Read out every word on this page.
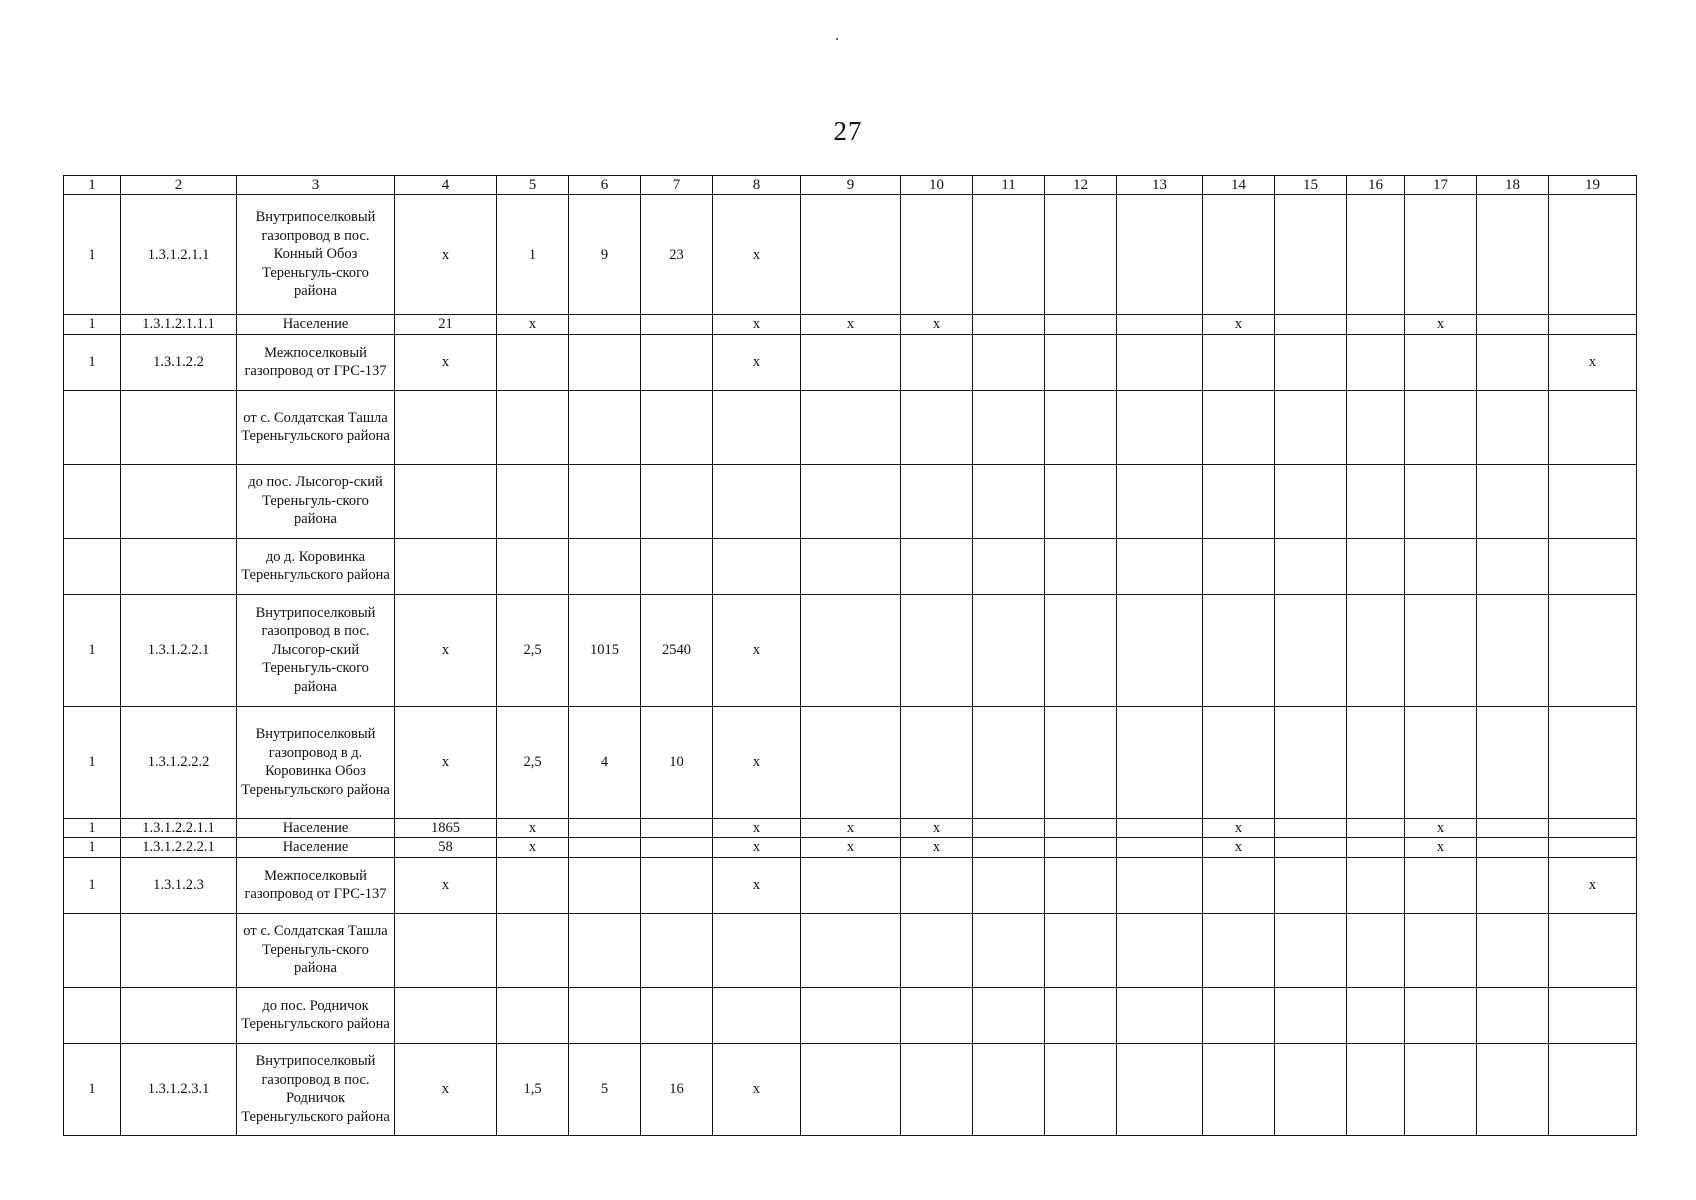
27
1	2	3	4	5	6	7	8	9	10	11	12	13	14	15	16	17	18	19
1	1.3.1.2.1.1	Внутрипоселковый газопровод в пос. Конный Обоз Тереньгуль-ского района	х	1	9	23	х											
1	1.3.1.2.1.1.1	Население	21	х			х	х	х				х			х		
1	1.3.1.2.2	Межпоселковый газопровод от ГРС-137	х				х											х
		от с. Солдатская Ташла Тереньгульского района																
		до пос. Лысогор-ский Тереньгуль-ского района																
		до д. Коровинка Тереньгульского района																
1	1.3.1.2.2.1	Внутрипоселковый газопровод в пос. Лысогор-ский Тереньгуль-ского района	х	2,5	1015	2540	х											
1	1.3.1.2.2.2	Внутрипоселковый газопровод в д. Коровинка Обоз Тереньгульского района	х	2,5	4	10	х											
1	1.3.1.2.2.1.1	Население	1865	х			х	х	х				х			х		
1	1.3.1.2.2.2.1	Население	58	х			х	х	х				х			х		
1	1.3.1.2.3	Межпоселковый газопровод от ГРС-137	х				х											х
		от с. Солдатская Ташла Тереньгуль-ского района																
		до пос. Родничок Тереньгульского района																
1	1.3.1.2.3.1	Внутрипоселковый газопровод в пос. Родничок Тереньгульского района	х	1,5	5	16	х											
